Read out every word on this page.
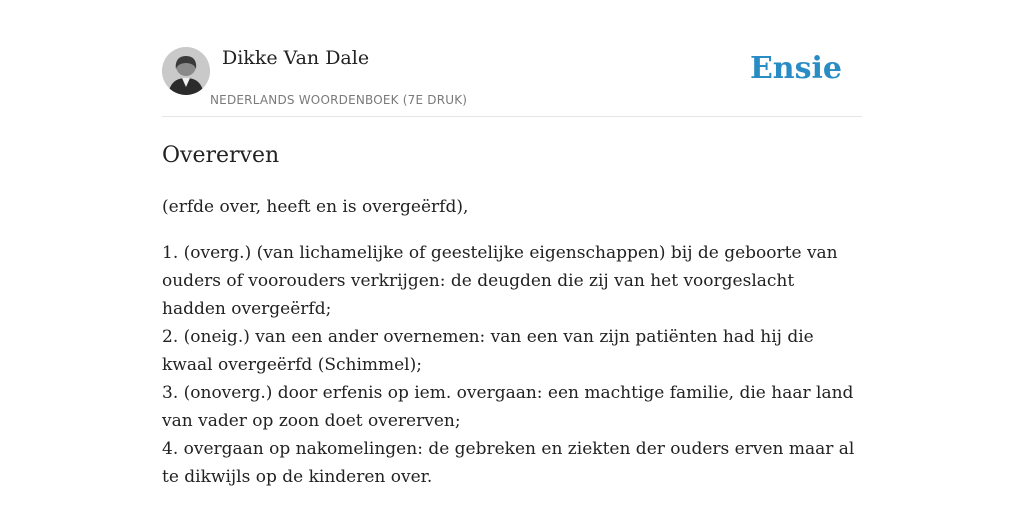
Dikke Van Dale
NEDERLANDS WOORDENBOEK (7E DRUK)
Ensie
Overerven

(erfde over, heeft en is overgeërfd),

1. (overg.) (van lichamelijke of geestelijke eigenschappen) bij de geboorte van ouders of voorouders verkrijgen: de deugden die zij van het voorgeslacht hadden overgeërfd;
2. (oneig.) van een ander overnemen: van een van zijn patiënten had hij die kwaal overgeërfd (Schimmel);
3. (onoverg.) door erfenis op iem. overgaan: een machtige familie, die haar land van vader op zoon doet overerven;
4. overgaan op nakomelingen: de gebreken en ziekten der ouders erven maar al te dikwijls op de kinderen over.
